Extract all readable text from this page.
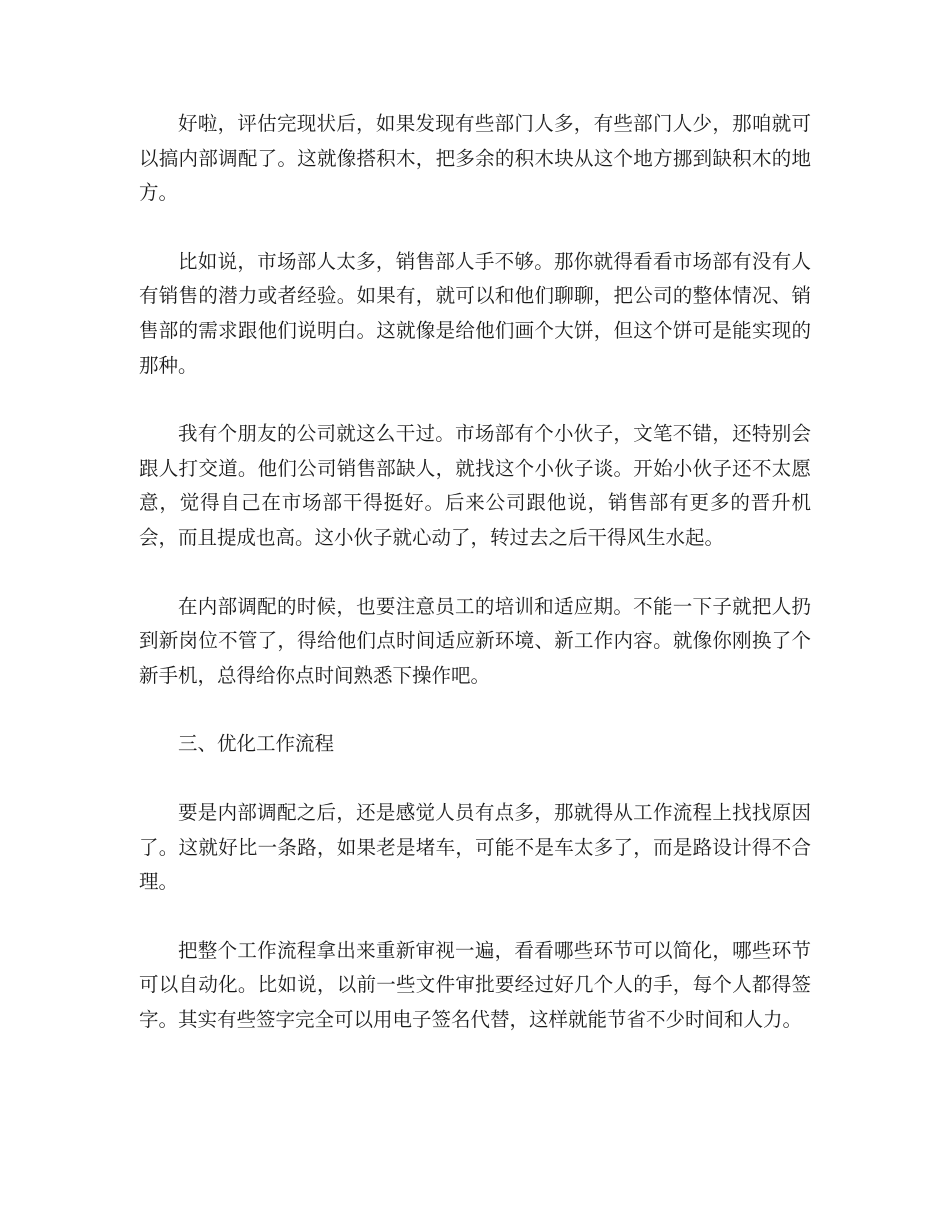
好啦，评估完现状后，如果发现有些部门人多，有些部门人少，那咱就可以搞内部调配了。这就像搭积木，把多余的积木块从这个地方挪到缺积木的地方。

比如说，市场部人太多，销售部人手不够。那你就得看看市场部有没有人有销售的潜力或者经验。如果有，就可以和他们聊聊，把公司的整体情况、销售部的需求跟他们说明白。这就像是给他们画个大饼，但这个饼可是能实现的那种。

我有个朋友的公司就这么干过。市场部有个小伙子，文笔不错，还特别会跟人打交道。他们公司销售部缺人，就找这个小伙子谈。开始小伙子还不太愿意，觉得自己在市场部干得挺好。后来公司跟他说，销售部有更多的晋升机会，而且提成也高。这小伙子就心动了，转过去之后干得风生水起。

在内部调配的时候，也要注意员工的培训和适应期。不能一下子就把人扔到新岗位不管了，得给他们点时间适应新环境、新工作内容。就像你刚换了个新手机，总得给你点时间熟悉下操作吧。

三、优化工作流程

要是内部调配之后，还是感觉人员有点多，那就得从工作流程上找找原因了。这就好比一条路，如果老是堵车，可能不是车太多了，而是路设计得不合理。

把整个工作流程拿出来重新审视一遍，看看哪些环节可以简化，哪些环节可以自动化。比如说，以前一些文件审批要经过好几个人的手，每个人都得签字。其实有些签字完全可以用电子签名代替，这样就能节省不少时间和人力。
